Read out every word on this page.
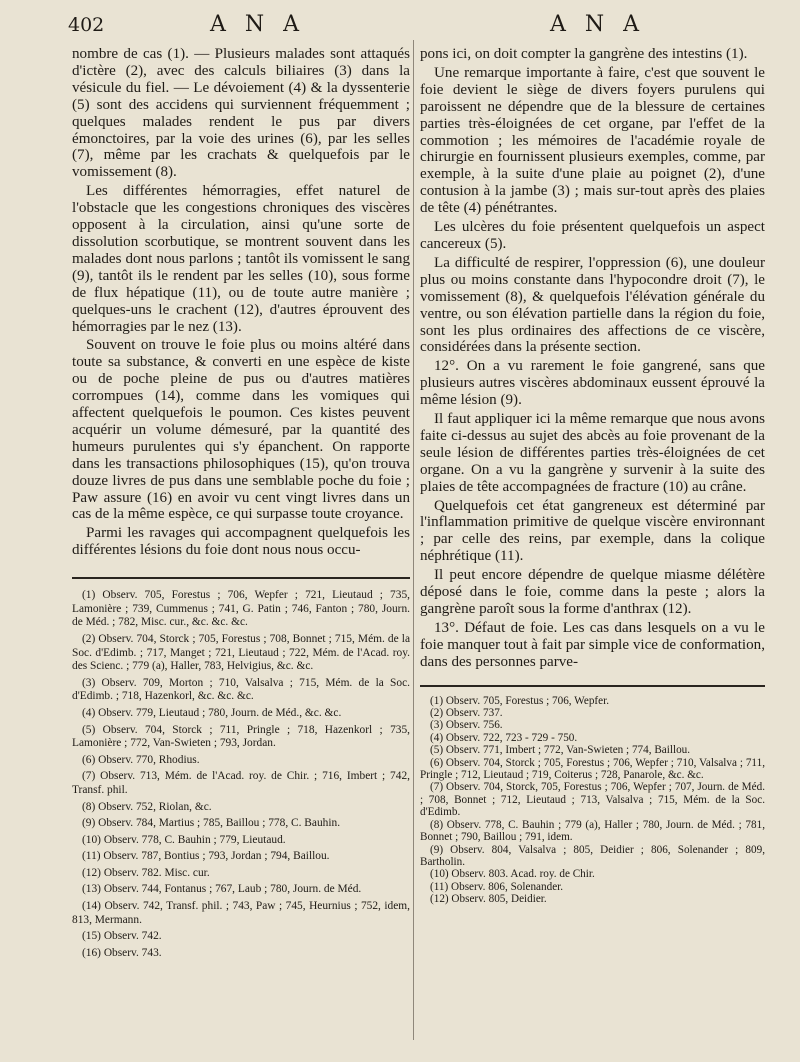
402	A N A	A N A

nombre de cas (1). — Plusieurs malades sont attaqués d'ictère (2), avec des calculs biliaires (3) dans la vésicule du fiel. — Le dévoiement (4) & la dyssenterie (5) sont des accidens qui surviennent fréquemment ; quelques malades rendent le pus par divers émonctoires, par la voie des urines (6), par les selles (7), même par les crachats & quelquefois par le vomissement (8).

Les différentes hémorragies, effet naturel de l'obstacle que les congestions chroniques des viscères opposent à la circulation, ainsi qu'une sorte de dissolution scorbutique, se montrent souvent dans les malades dont nous parlons ; tantôt ils vomissent le sang (9), tantôt ils le rendent par les selles (10), sous forme de flux hépatique (11), ou de toute autre manière ; quelques-uns le crachent (12), d'autres éprouvent des hémorragies par le nez (13).

Souvent on trouve le foie plus ou moins altéré dans toute sa substance, & converti en une espèce de kiste ou de poche pleine de pus ou d'autres matières corrompues (14), comme dans les vomiques qui affectent quelquefois le poumon. Ces kistes peuvent acquérir un volume démesuré, par la quantité des humeurs purulentes qui s'y épanchent. On rapporte dans les transactions philosophiques (15), qu'on trouva douze livres de pus dans une semblable poche du foie ; Paw assure (16) en avoir vu cent vingt livres dans un cas de la même espèce, ce qui surpasse toute croyance.

Parmi les ravages qui accompagnent quelquefois les différentes lésions du foie dont nous nous occu-

(1) Observ. 705, Forestus ; 706, Wepfer ; 721, Lieutaud ; 735, Lamonière ; 739, Cummenus ; 741, G. Patin ; 746, Fanton ; 780, Journ. de Méd. ; 782, Misc. cur., &c. &c. &c.

(2) Observ. 704, Storck ; 705, Forestus ; 708, Bonnet ; 715, Mém. de la Soc. d'Edimb. ; 717, Manget ; 721, Lieutaud ; 722, Mém. de l'Acad. roy. des Scienc. ; 779 (a), Haller, 783, Helvigius, &c. &c.

(3) Observ. 709, Morton ; 710, Valsalva ; 715, Mém. de la Soc. d'Edimb. ; 718, Hazenkorl, &c. &c. &c.

(4) Observ. 779, Lieutaud ; 780, Journ. de Méd., &c. &c.

(5) Observ. 704, Storck ; 711, Pringle ; 718, Hazenkorl ; 735, Lamonière ; 772, Van-Swieten ; 793, Jordan.

(6) Observ. 770, Rhodius.

(7) Observ. 713, Mém. de l'Acad. roy. de Chir. ; 716, Imbert ; 742, Transf. phil.

(8) Observ. 752, Riolan, &c.

(9) Observ. 784, Martius ; 785, Baillou ; 778, C. Bauhin.

(10) Observ. 778, C. Bauhin ; 779, Lieutaud.

(11) Observ. 787, Bontius ; 793, Jordan ; 794, Baillou.

(12) Observ. 782. Misc. cur.

(13) Observ. 744, Fontanus ; 767, Laub ; 780, Journ. de Méd.

(14) Observ. 742, Transf. phil. ; 743, Paw ; 745, Heurnius ; 752, idem, 813, Mermann.

(15) Observ. 742.

(16) Observ. 743.

pons ici, on doit compter la gangrène des intestins (1).

Une remarque importante à faire, c'est que souvent le foie devient le siège de divers foyers purulens qui paroissent ne dépendre que de la blessure de certaines parties très-éloignées de cet organe, par l'effet de la commotion ; les mémoires de l'académie royale de chirurgie en fournissent plusieurs exemples, comme, par exemple, à la suite d'une plaie au poignet (2), d'une contusion à la jambe (3) ; mais sur-tout après des plaies de tête (4) pénétrantes.

Les ulcères du foie présentent quelquefois un aspect cancereux (5).

La difficulté de respirer, l'oppression (6), une douleur plus ou moins constante dans l'hypocondre droit (7), le vomissement (8), & quelquefois l'élévation générale du ventre, ou son élévation partielle dans la région du foie, sont les plus ordinaires des affections de ce viscère, considérées dans la présente section.

12°. On a vu rarement le foie gangrené, sans que plusieurs autres viscères abdominaux eussent éprouvé la même lésion (9).

Il faut appliquer ici la même remarque que nous avons faite ci-dessus au sujet des abcès au foie provenant de la seule lésion de différentes parties très-éloignées de cet organe. On a vu la gangrène y survenir à la suite des plaies de tête accompagnées de fracture (10) au crâne.

Quelquefois cet état gangreneux est déterminé par l'inflammation primitive de quelque viscère environnant ; par celle des reins, par exemple, dans la colique néphrétique (11).

Il peut encore dépendre de quelque miasme délétère déposé dans le foie, comme dans la peste ; alors la gangrène paroît sous la forme d'anthrax (12).

13°. Défaut de foie. Les cas dans lesquels on a vu le foie manquer tout à fait par simple vice de conformation, dans des personnes parve-

(1) Observ. 705, Forestus ; 706, Wepfer.

(2) Observ. 737.

(3) Observ. 756.

(4) Observ. 722, 723 - 729 - 750.

(5) Observ. 771, Imbert ; 772, Van-Swieten ; 774, Baillou.

(6) Observ. 704, Storck ; 705, Forestus ; 706, Wepfer ; 710, Valsalva ; 711, Pringle ; 712, Lieutaud ; 719, Coiterus ; 728, Panarole, &c. &c.

(7) Observ. 704, Storck, 705, Forestus ; 706, Wepfer ; 707, Journ. de Méd. ; 708, Bonnet ; 712, Lieutaud ; 713, Valsalva ; 715, Mém. de la Soc. d'Edimb.

(8) Observ. 778, C. Bauhin ; 779 (a), Haller ; 780, Journ. de Méd. ; 781, Bonnet ; 790, Baillou ; 791, idem.

(9) Observ. 804, Valsalva ; 805, Deidier ; 806, Solenander ; 809, Bartholin.

(10) Observ. 803. Acad. roy. de Chir.

(11) Observ. 806, Solenander.

(12) Observ. 805, Deidier.
